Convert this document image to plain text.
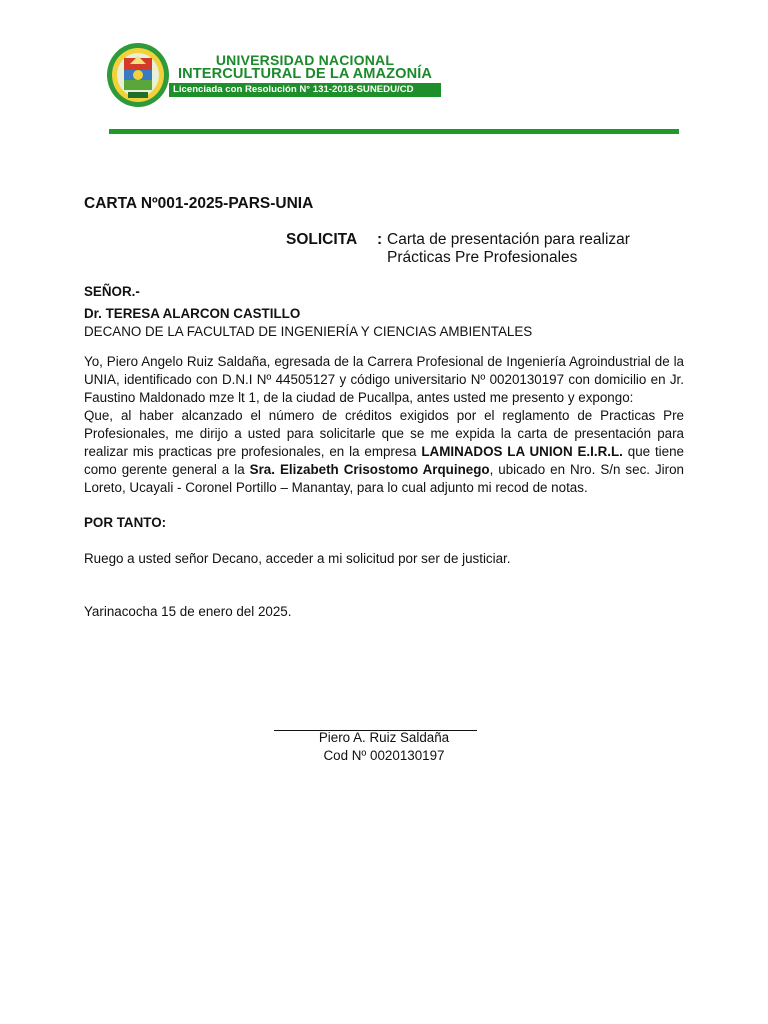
UNIVERSIDAD NACIONAL
INTERCULTURAL DE LA AMAZONÍA
Licenciada con Resolución N° 131-2018-SUNEDU/CD
CARTA Nº001-2025-PARS-UNIA
SOLICITA : Carta de presentación para realizar Prácticas Pre Profesionales
SEÑOR.-
Dr. TERESA ALARCON CASTILLO
DECANO DE LA FACULTAD DE INGENIERÍA Y CIENCIAS AMBIENTALES

Yo, Piero Angelo Ruiz Saldaña, egresada de la Carrera Profesional de Ingeniería Agroindustrial de la UNIA, identificado con D.N.I Nº 44505127 y código universitario Nº 0020130197 con domicilio en Jr. Faustino Maldonado mze lt 1, de la ciudad de Pucallpa, antes usted me presento y expongo:

Que, al haber alcanzado el número de créditos exigidos por el reglamento de Practicas Pre Profesionales, me dirijo a usted para solicitarle que se me expida la carta de presentación para realizar mis practicas pre profesionales, en la empresa LAMINADOS LA UNION E.I.R.L. que tiene como gerente general a la Sra. Elizabeth Crisostomo Arquinego, ubicado en Nro. S/n sec. Jiron Loreto, Ucayali - Coronel Portillo – Manantay, para lo cual adjunto mi recod de notas.

POR TANTO:
Ruego a usted señor Decano, acceder a mi solicitud por ser de justiciar.
Yarinacocha 15 de enero del 2025.
Piero A. Ruiz Saldaña
Cod Nº 0020130197
